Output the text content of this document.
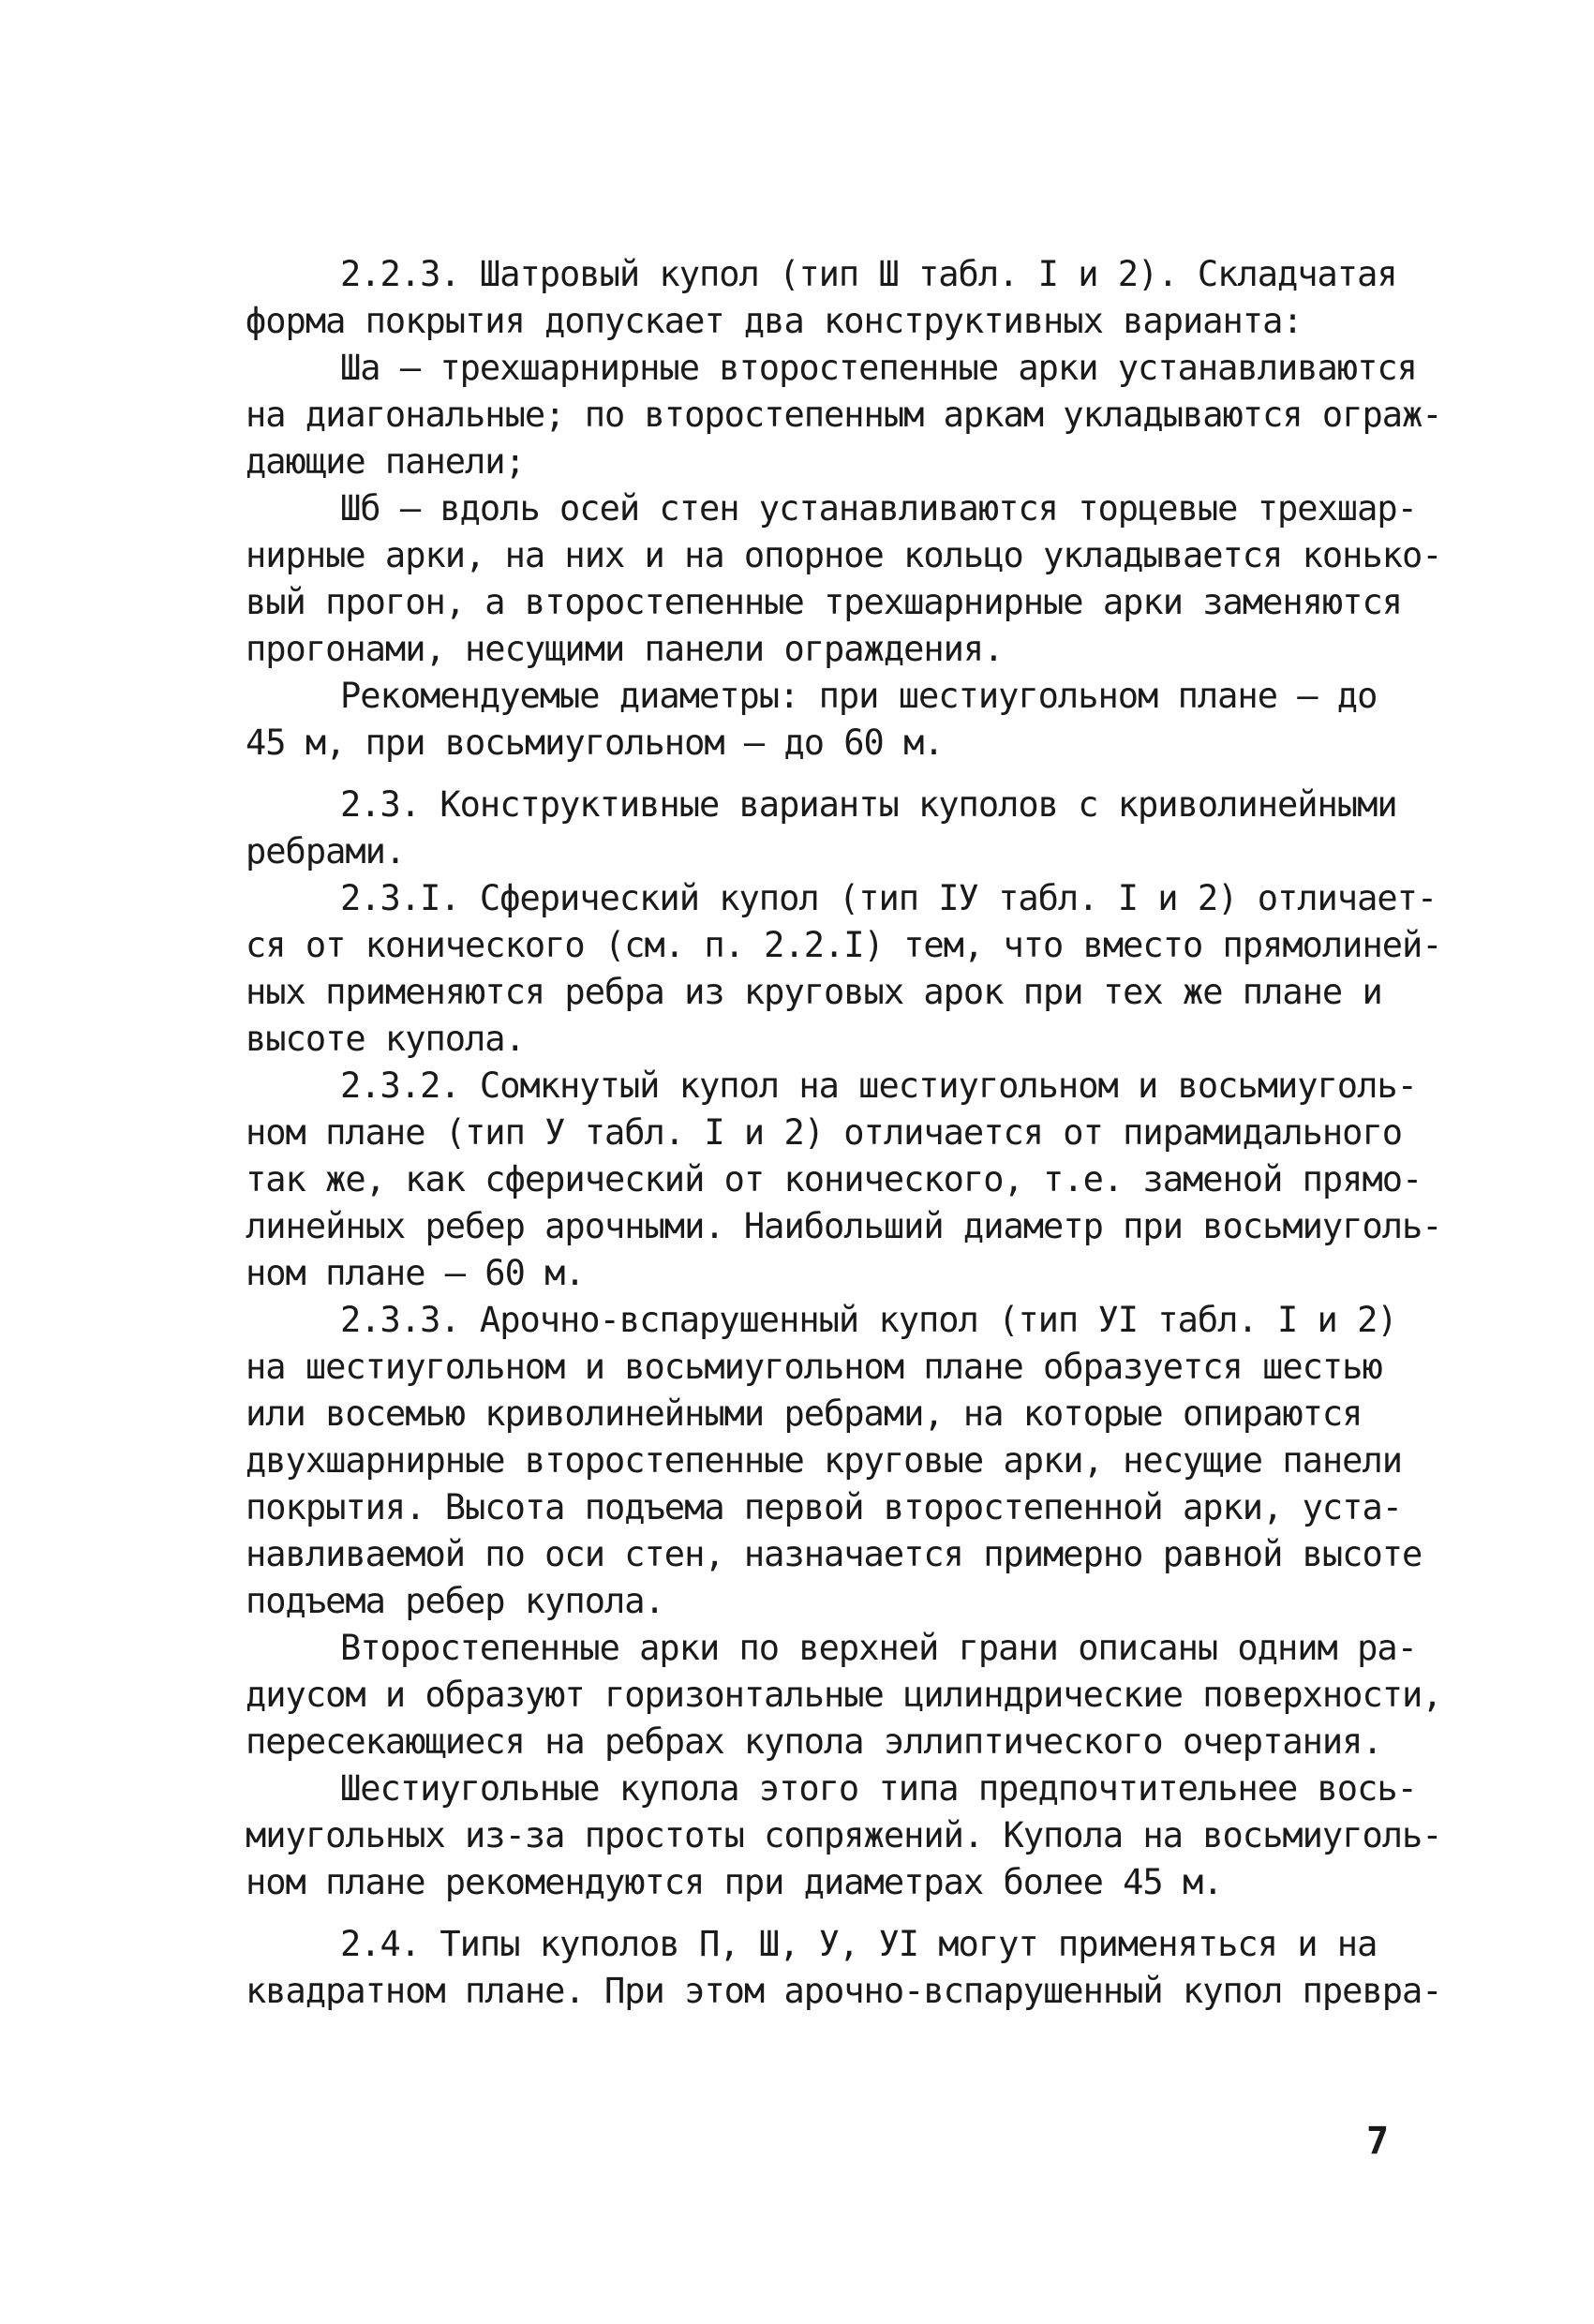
2.2.3. Шатровый купол (тип Ш табл. I и 2). Складчатая

форма покрытия допускает два конструктивных варианта:

Ша – трехшарнирные второстепенные арки устанавливаются

на диагональные; по второстепенным аркам укладываются ограж-

дающие панели;

Шб – вдоль осей стен устанавливаются торцевые трехшар-

нирные арки, на них и на опорное кольцо укладывается конько-

вый прогон, а второстепенные трехшарнирные арки заменяются

прогонами, несущими панели ограждения.

Рекомендуемые диаметры: при шестиугольном плане – до

45 м, при восьмиугольном – до 60 м.

2.3. Конструктивные варианты куполов с криволинейными

ребрами.

2.3.I. Сферический купол (тип IУ табл. I и 2) отличает-

ся от конического (см. п. 2.2.I) тем, что вместо прямолиней-

ных применяются ребра из круговых арок при тех же плане и

высоте купола.

2.3.2. Сомкнутый купол на шестиугольном и восьмиуголь-

ном плане (тип У табл. I и 2) отличается от пирамидального

так же, как сферический от конического, т.е. заменой прямо-

линейных ребер арочными. Наибольший диаметр при восьмиуголь-

ном плане – 60 м.

2.3.3. Арочно-вспарушенный купол (тип УI табл. I и 2)

на шестиугольном и восьмиугольном плане образуется шестью

или восемью криволинейными ребрами, на которые опираются

двухшарнирные второстепенные круговые арки, несущие панели

покрытия. Высота подъема первой второстепенной арки, уста-

навливаемой по оси стен, назначается примерно равной высоте

подъема ребер купола.

Второстепенные арки по верхней грани описаны одним ра-

диусом и образуют горизонтальные цилиндрические поверхности,

пересекающиеся на ребрах купола эллиптического очертания.

Шестиугольные купола этого типа предпочтительнее вось-

миугольных из-за простоты сопряжений. Купола на восьмиуголь-

ном плане рекомендуются при диаметрах более 45 м.

2.4. Типы куполов П, Ш, У, УI могут применяться и на

квадратном плане. При этом арочно-вспарушенный купол превра-

7
